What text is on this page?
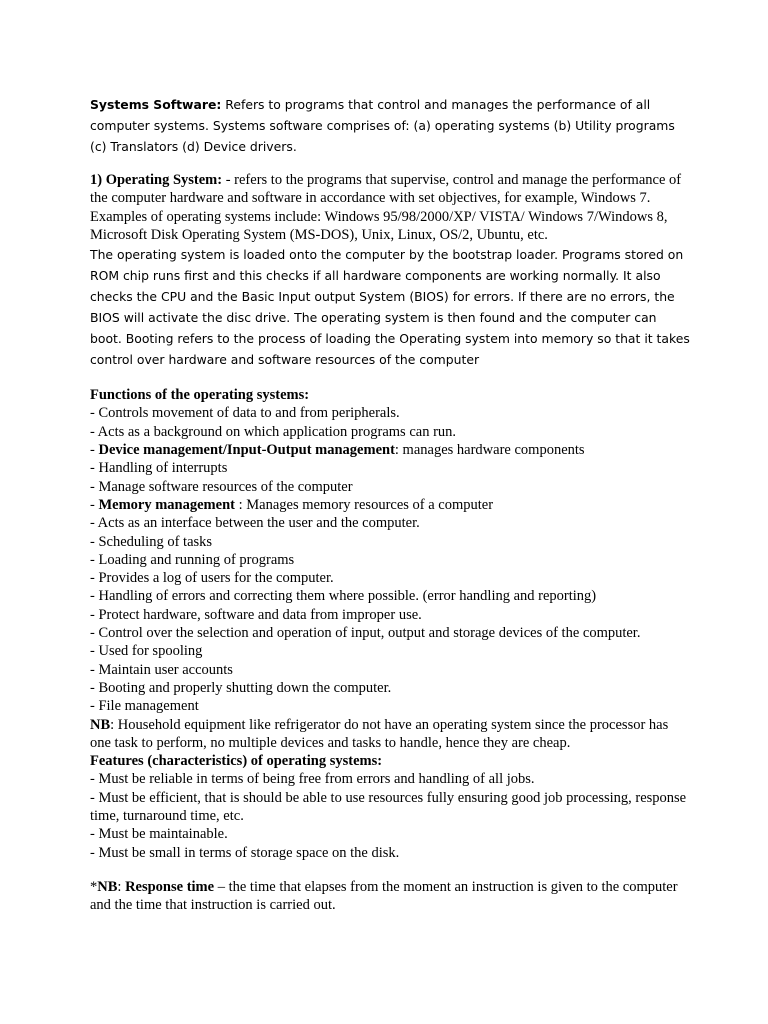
Systems Software: Refers to programs that control and manages the performance of all computer systems. Systems software comprises of: (a) operating systems (b) Utility programs (c) Translators (d) Device drivers.

1) Operating System: - refers to the programs that supervise, control and manage the performance of the computer hardware and software in accordance with set objectives, for example, Windows 7. Examples of operating systems include: Windows 95/98/2000/XP/ VISTA/ Windows 7/Windows 8, Microsoft Disk Operating System (MS-DOS), Unix, Linux, OS/2, Ubuntu, etc.

The operating system is loaded onto the computer by the bootstrap loader. Programs stored on ROM chip runs first and this checks if all hardware components are working normally. It also checks the CPU and the Basic Input output System (BIOS) for errors. If there are no errors, the BIOS will activate the disc drive. The operating system is then found and the computer can boot. Booting refers to the process of loading the Operating system into memory so that it takes control over hardware and software resources of the computer

Functions of the operating systems:

- Controls movement of data to and from peripherals.

- Acts as a background on which application programs can run.

- Device management/Input-Output management: manages hardware components

- Handling of interrupts

- Manage software resources of the computer

- Memory management : Manages memory resources of a computer

- Acts as an interface between the user and the computer.

- Scheduling of tasks

- Loading and running of programs

- Provides a log of users for the computer.

- Handling of errors and correcting them where possible. (error handling and reporting)

- Protect hardware, software and data from improper use.

- Control over the selection and operation of input, output and storage devices of the computer.

- Used for spooling

- Maintain user accounts

- Booting and properly shutting down the computer.

- File management

NB: Household equipment like refrigerator do not have an operating system since the processor has one task to perform, no multiple devices and tasks to handle, hence they are cheap.

Features (characteristics) of operating systems:

- Must be reliable in terms of being free from errors and handling of all jobs.

- Must be efficient, that is should be able to use resources fully ensuring good job processing, response time, turnaround time, etc.

- Must be maintainable.

- Must be small in terms of storage space on the disk.

*NB: Response time – the time that elapses from the moment an instruction is given to the computer and the time that instruction is carried out.
